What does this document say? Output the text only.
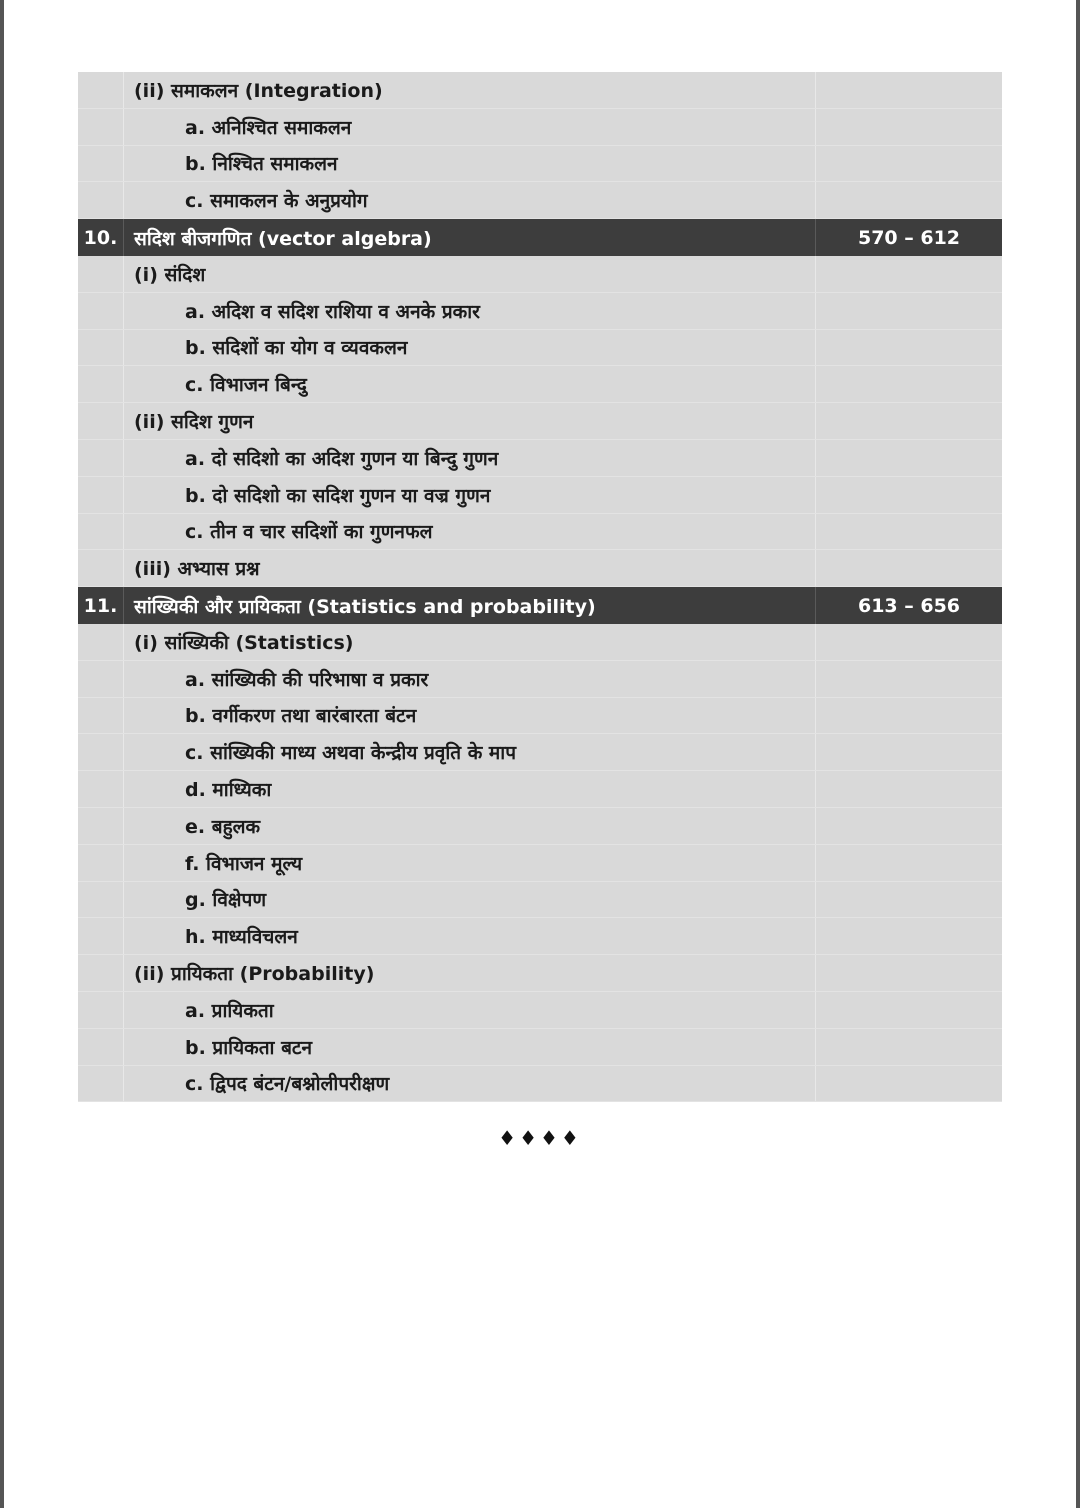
(ii) समाकलन (Integration)
a. अनिश्चित समाकलन
b. निश्चित समाकलन
c. समाकलन के अनुप्रयोग
10. सदिश बीजगणित (vector algebra)	570 – 612
(i) संदिश
a. अदिश व सदिश राशिया व अनके प्रकार
b. सदिशों का योग व व्यवकलन
c. विभाजन बिन्दु
(ii) सदिश गुणन
a. दो सदिशो का अदिश गुणन या बिन्दु गुणन
b. दो सदिशो का सदिश गुणन या वज्र गुणन
c. तीन व चार सदिशों का गुणनफल
(iii) अभ्यास प्रश्न
11. सांख्यिकी और प्रायिकता (Statistics and probability)	613 – 656
(i) सांख्यिकी (Statistics)
a. सांख्यिकी की परिभाषा व प्रकार
b. वर्गीकरण तथा बारंबारता बंटन
c. सांख्यिकी माध्य अथवा केन्द्रीय प्रवृति के माप
d. माध्यिका
e. बहुलक
f. विभाजन मूल्य
g. विक्षेपण
h. माध्यविचलन
(ii) प्रायिकता (Probability)
a. प्रायिकता
b. प्रायिकता बटन
c. द्विपद बंटन/बश्नोलीपरीक्षण
♦♦♦♦
